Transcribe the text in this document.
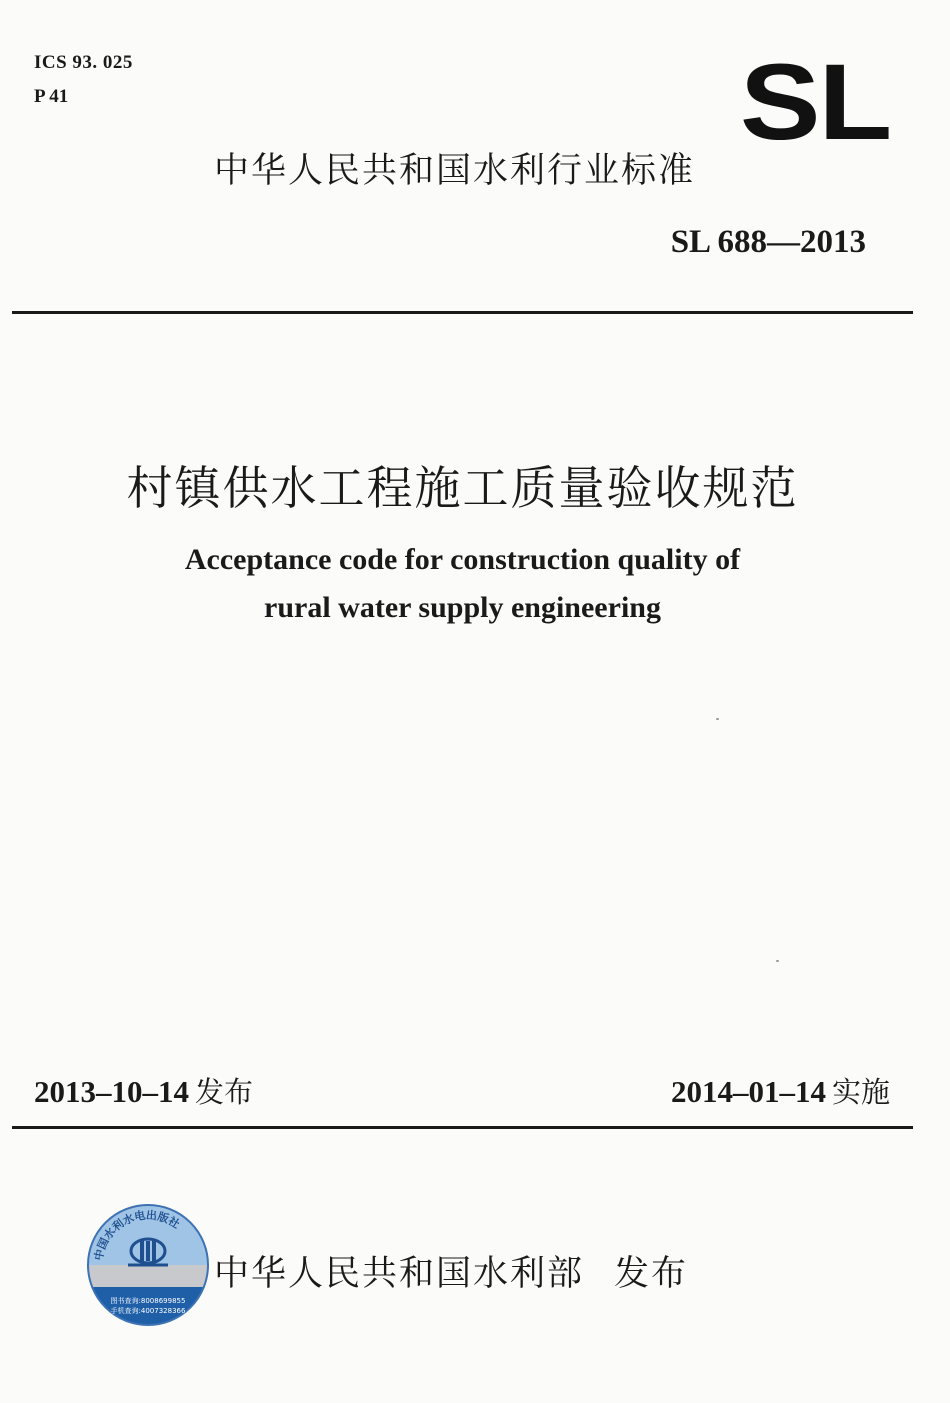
ICS 93. 025
P 41	SL
中华人民共和国水利行业标准
SL 688—2013
村镇供水工程施工质量验收规范
Acceptance code for construction quality of
rural water supply engineering
2013–10–14 发布	2014–01–14 实施
中国水利水电出版社
图书查询:8008699855
手机查询:4007328366
中华人民共和国水利部 发布
